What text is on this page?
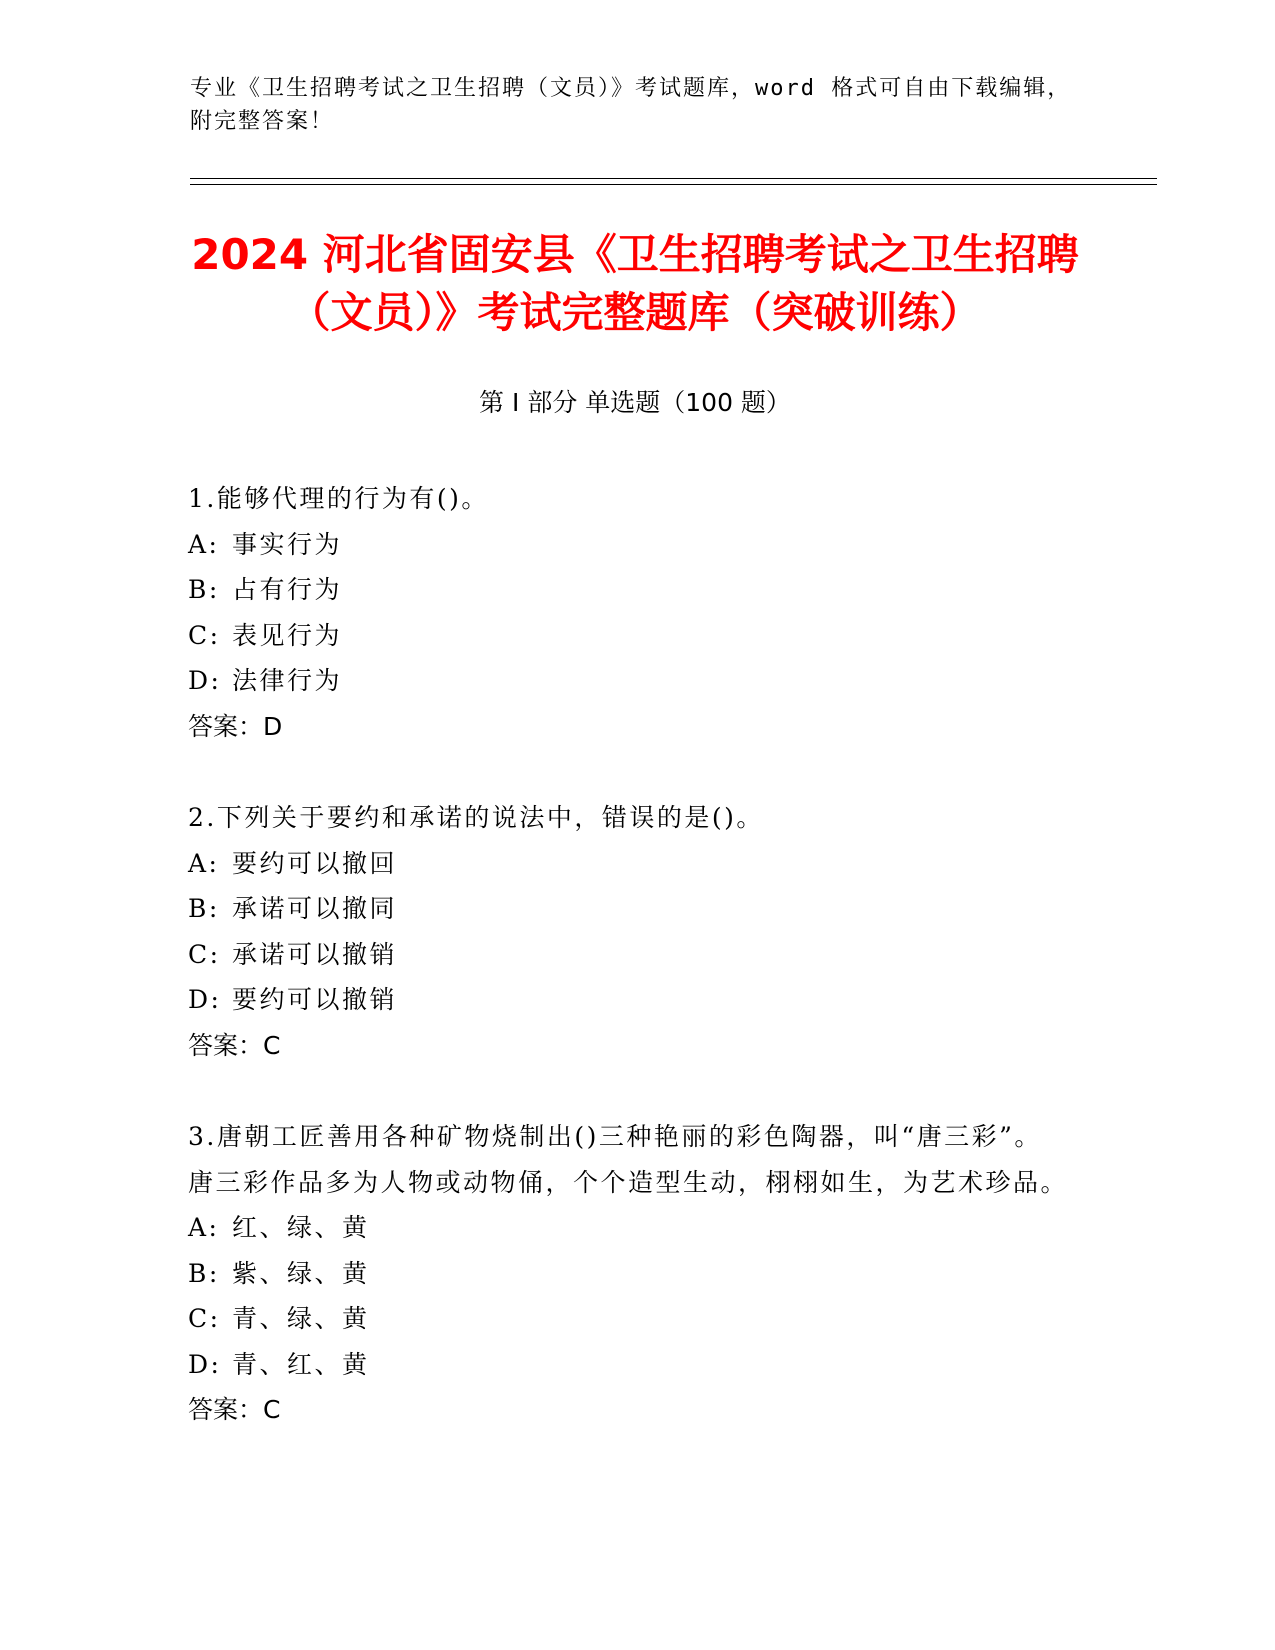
专业《卫生招聘考试之卫生招聘（文员）》考试题库，word 格式可自由下载编辑，附完整答案！
2024 河北省固安县《卫生招聘考试之卫生招聘（文员）》考试完整题库（突破训练）
第 I 部分 单选题（100 题）
1.能够代理的行为有()。
A: 事实行为
B: 占有行为
C: 表见行为
D: 法律行为
答案：D
2.下列关于要约和承诺的说法中，错误的是()。
A: 要约可以撤回
B: 承诺可以撤同
C: 承诺可以撤销
D: 要约可以撤销
答案：C
3.唐朝工匠善用各种矿物烧制出()三种艳丽的彩色陶器，叫“唐三彩”。唐三彩作品多为人物或动物俑，个个造型生动，栩栩如生，为艺术珍品。
A: 红、绿、黄
B: 紫、绿、黄
C: 青、绿、黄
D: 青、红、黄
答案：C
